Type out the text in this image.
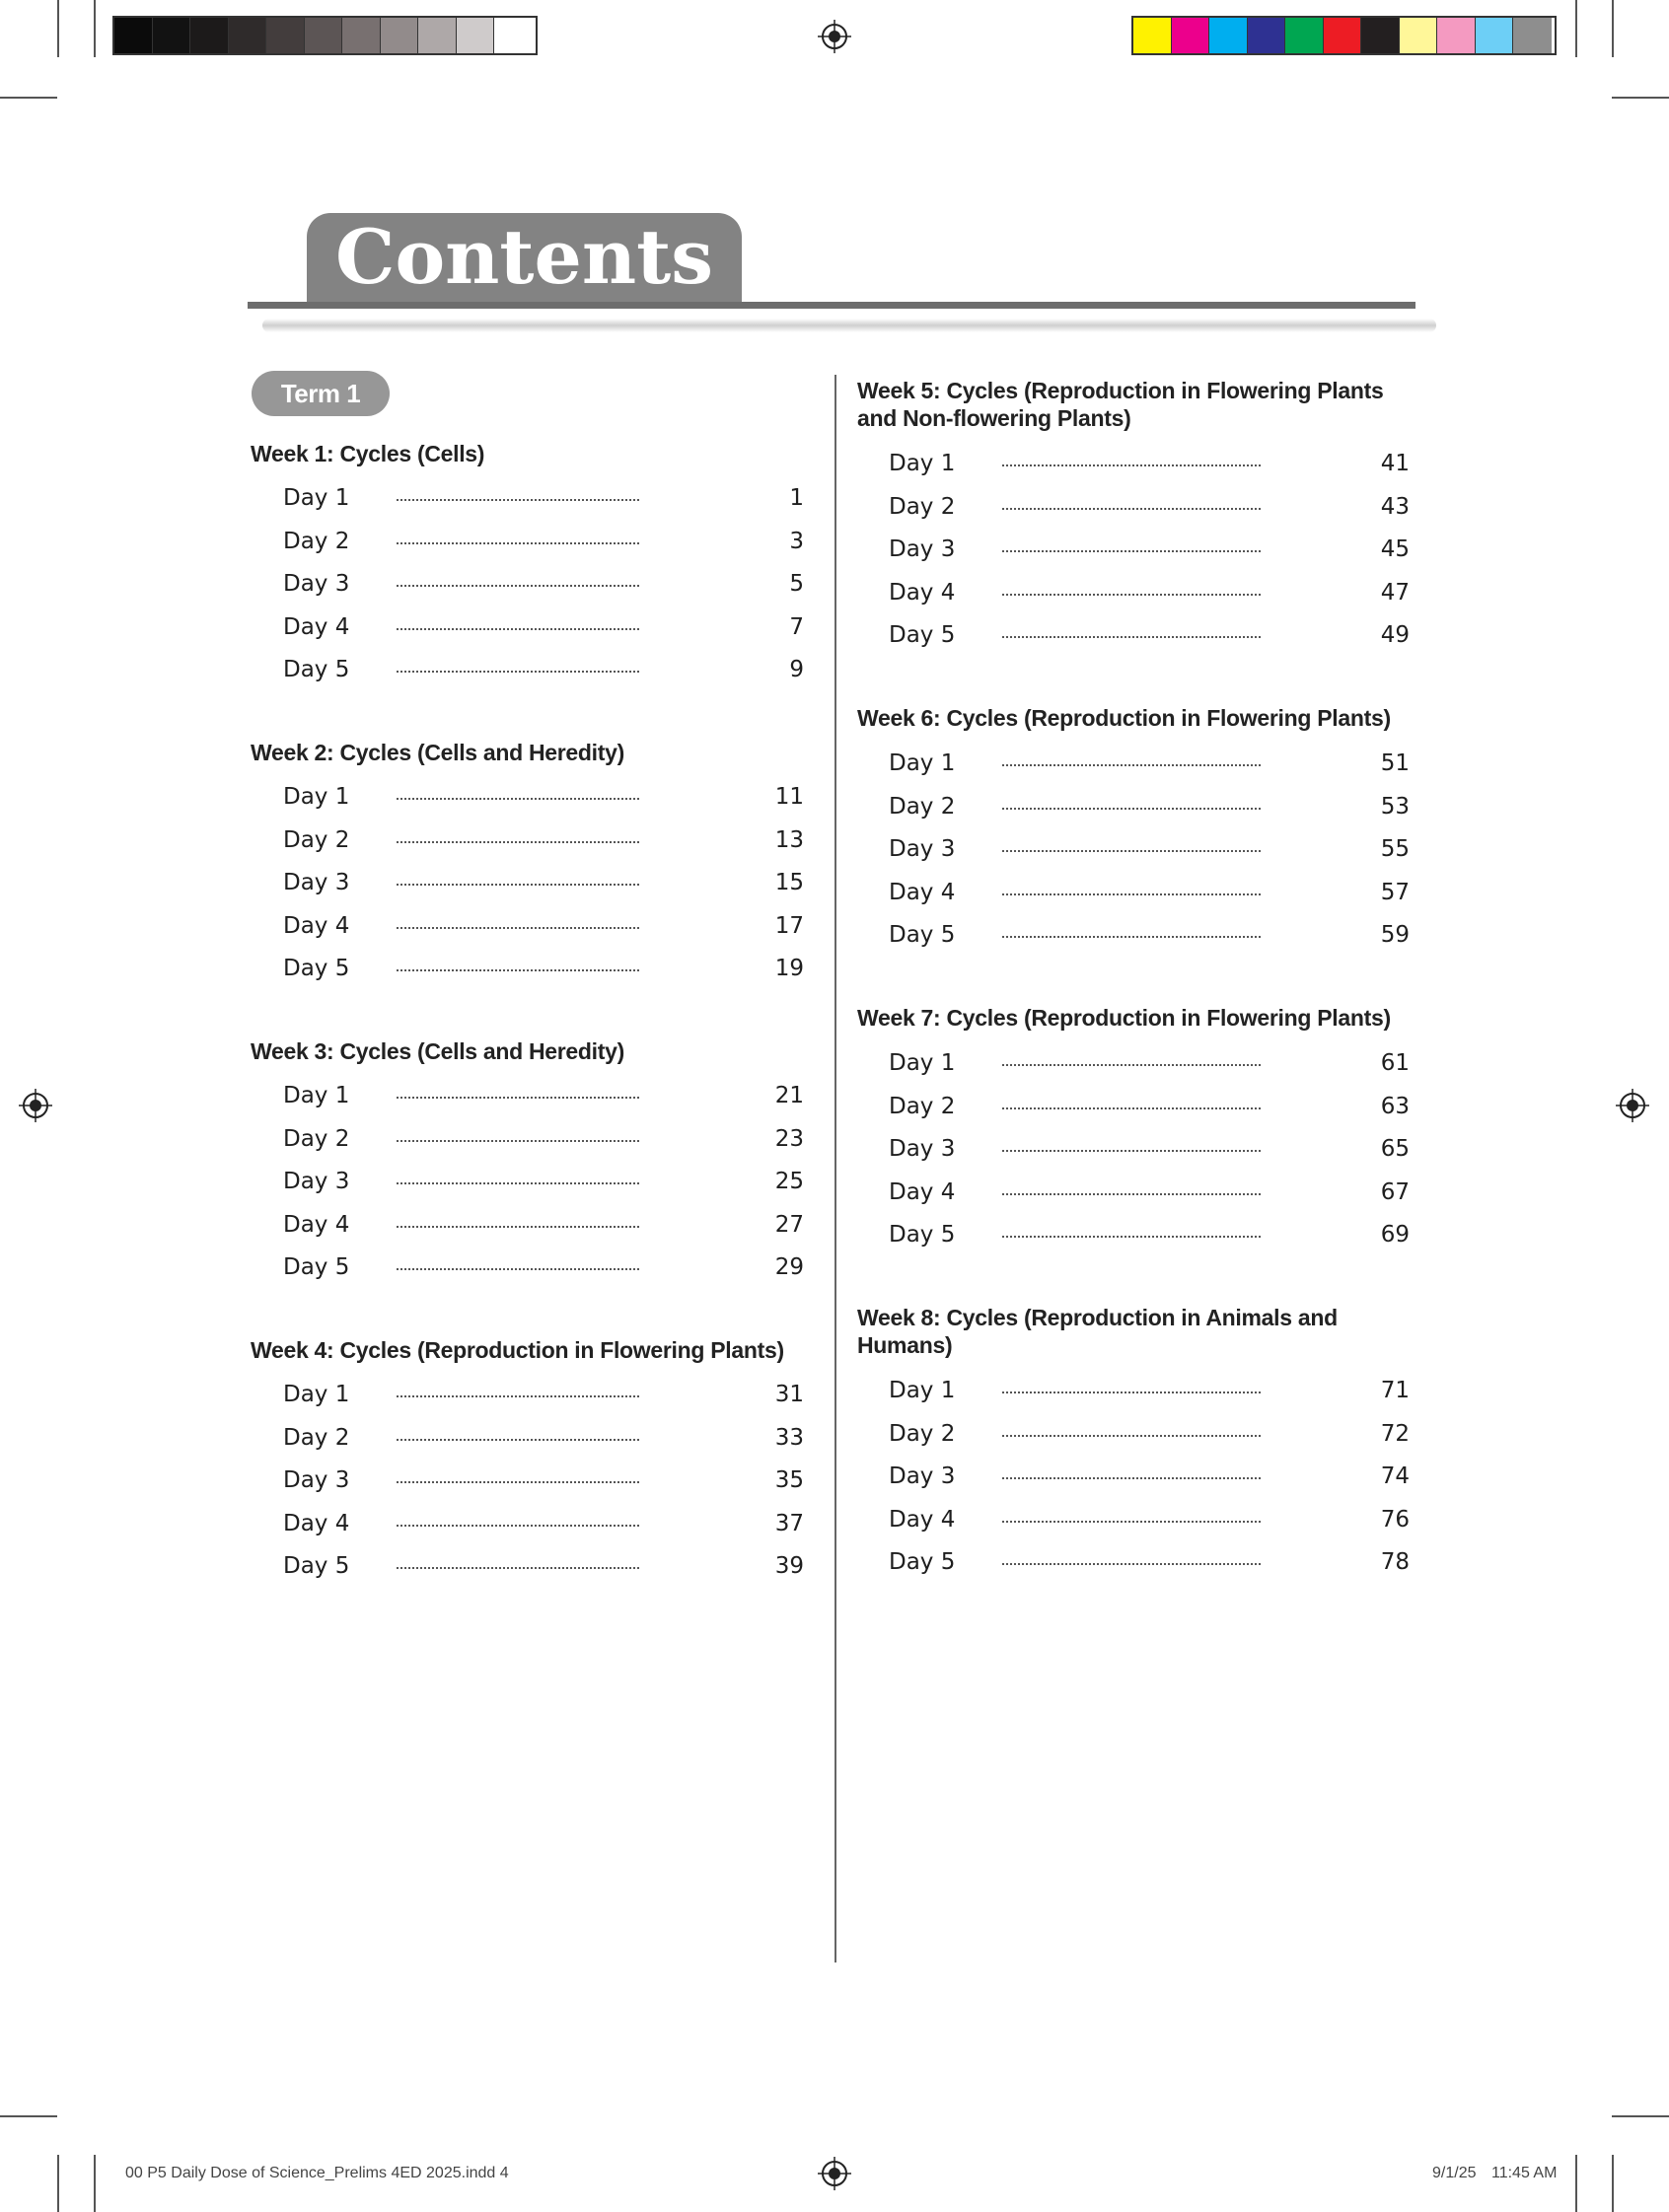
Contents
Term 1
Week 1: Cycles (Cells)
Day 1	1
Day 2	3
Day 3	5
Day 4	7
Day 5	9
Week 2: Cycles (Cells and Heredity)
Day 1	11
Day 2	13
Day 3	15
Day 4	17
Day 5	19
Week 3: Cycles (Cells and Heredity)
Day 1	21
Day 2	23
Day 3	25
Day 4	27
Day 5	29
Week 4: Cycles (Reproduction in Flowering Plants)
Day 1	31
Day 2	33
Day 3	35
Day 4	37
Day 5	39
Week 5: Cycles (Reproduction in Flowering Plants
and Non-flowering Plants)
Day 1	41
Day 2	43
Day 3	45
Day 4	47
Day 5	49
Week 6: Cycles (Reproduction in Flowering Plants)
Day 1	51
Day 2	53
Day 3	55
Day 4	57
Day 5	59
Week 7: Cycles (Reproduction in Flowering Plants)
Day 1	61
Day 2	63
Day 3	65
Day 4	67
Day 5	69
Week 8: Cycles (Reproduction in Animals and
Humans)
Day 1	71
Day 2	72
Day 3	74
Day 4	76
Day 5	78
00 P5 Daily Dose of Science_Prelims 4ED 2025.indd 4	9/1/25 11:45 AM
